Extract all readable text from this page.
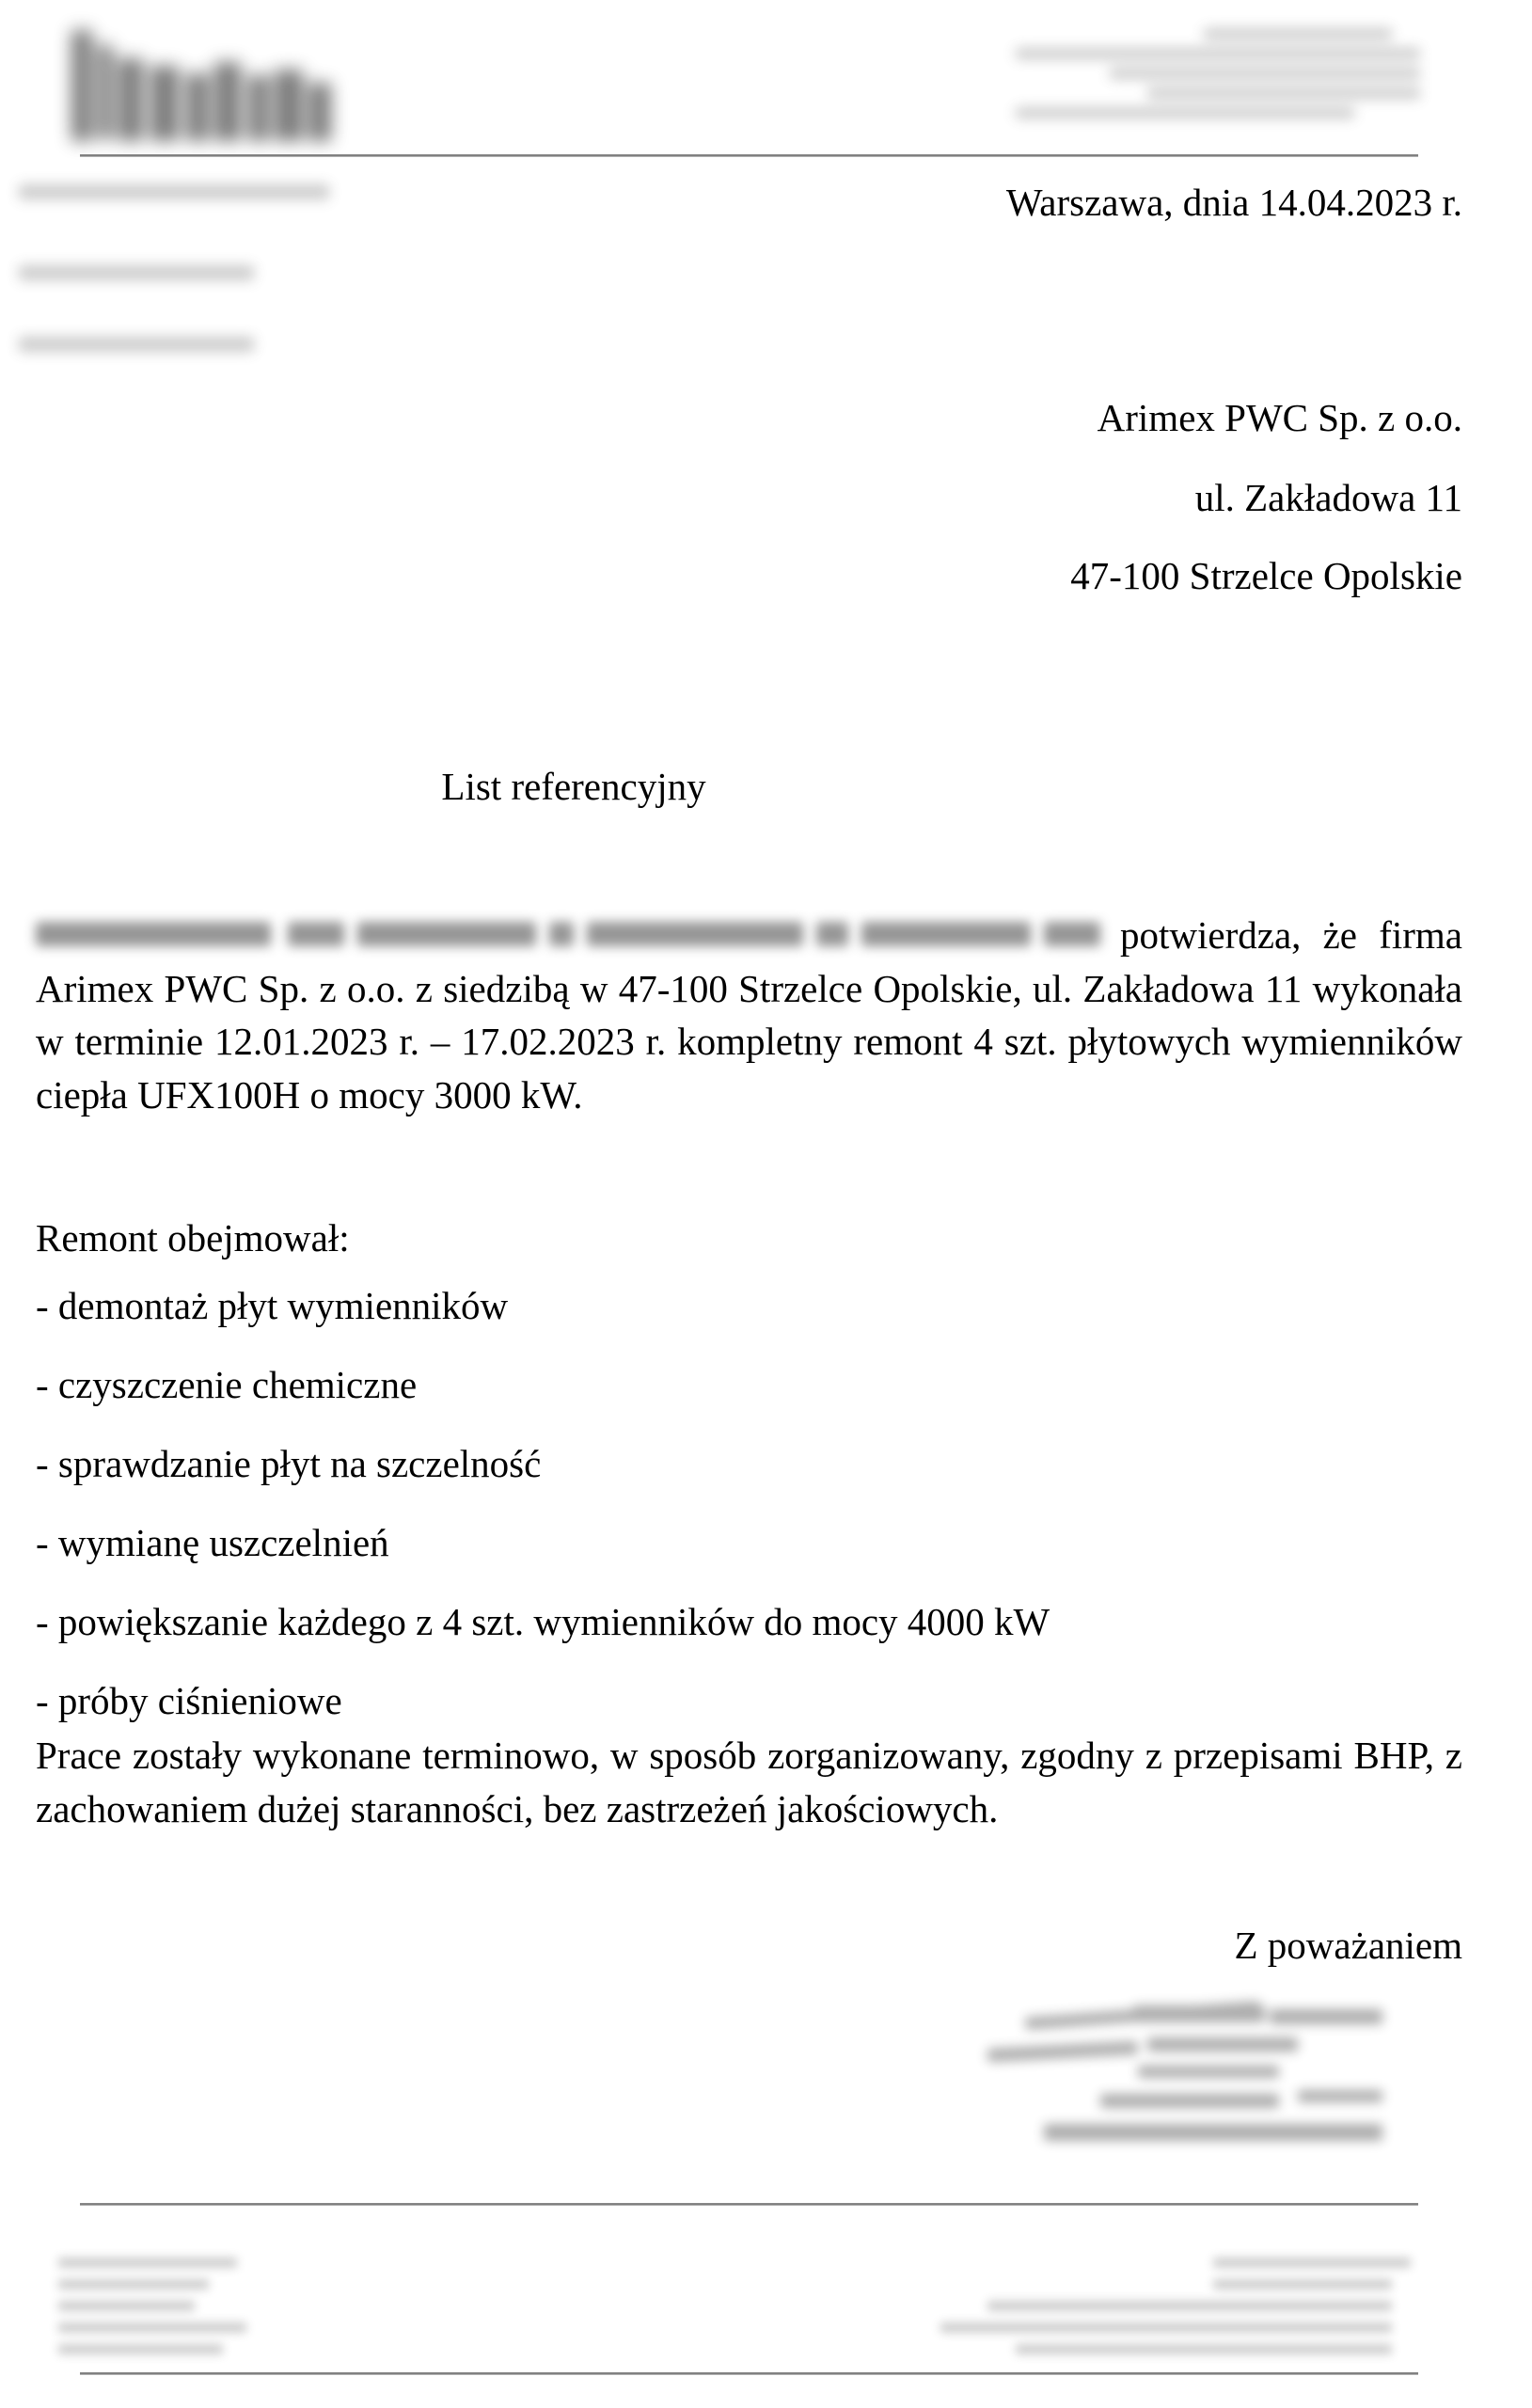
Warszawa, dnia 14.04.2023 r.
Arimex PWC Sp. z o.o.
ul. Zakładowa 11
47-100 Strzelce Opolskie
List referencyjny
potwierdza, że firma Arimex PWC Sp. z o.o. z siedzibą w 47-100 Strzelce Opolskie, ul. Zakładowa 11 wykonała w terminie 12.01.2023 r. – 17.02.2023 r. kompletny remont 4 szt. płytowych wymienników ciepła UFX100H o mocy 3000 kW.
Remont obejmował:
- demontaż płyt wymienników
- czyszczenie chemiczne
- sprawdzanie płyt na szczelność
- wymianę uszczelnień
- powiększanie każdego z 4 szt. wymienników do mocy 4000 kW
- próby ciśnieniowe
Prace zostały wykonane terminowo, w sposób zorganizowany, zgodny z przepisami BHP, z zachowaniem dużej staranności, bez zastrzeżeń jakościowych.
Z poważaniem
